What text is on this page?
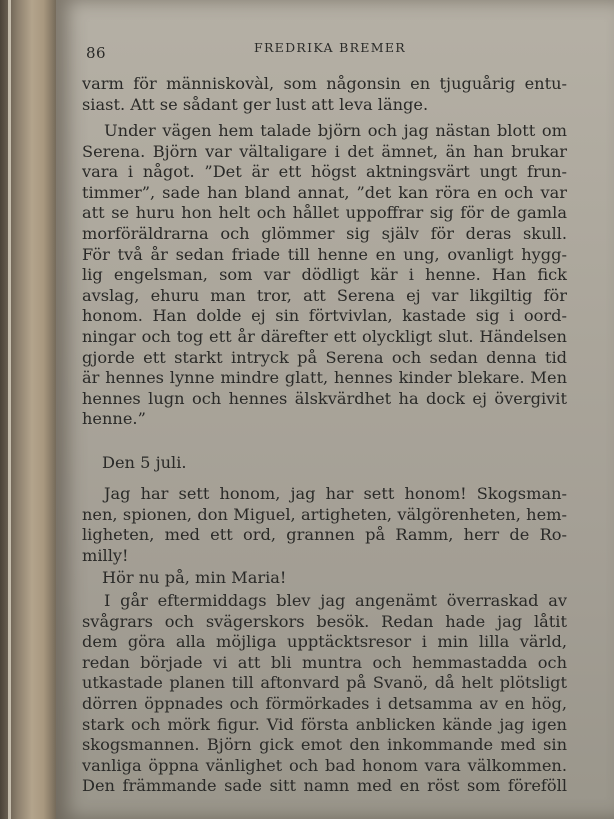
86	FREDRIKA BREMER
varm för människovàl, som någonsin en tjuguårig entu-
siast. Att se sådant ger lust att leva länge.
Under vägen hem talade björn och jag nästan blott om
Serena. Björn var vältaligare i det ämnet, än han brukar
vara i något. ”Det är ett högst aktningsvärt ungt frun-
timmer”, sade han bland annat, ”det kan röra en och var
att se huru hon helt och hållet uppoffrar sig för de gamla
morföräldrarna och glömmer sig själv för deras skull.
För två år sedan friade till henne en ung, ovanligt hygg-
lig engelsman, som var dödligt kär i henne. Han fick
avslag, ehuru man tror, att Serena ej var likgiltig för
honom. Han dolde ej sin förtvivlan, kastade sig i oord-
ningar och tog ett år därefter ett olyckligt slut. Händelsen
gjorde ett starkt intryck på Serena och sedan denna tid
är hennes lynne mindre glatt, hennes kinder blekare. Men
hennes lugn och hennes älskvärdhet ha dock ej övergivit
henne.”
Den 5 juli.
Jag har sett honom, jag har sett honom! Skogsman-
nen, spionen, don Miguel, artigheten, välgörenheten, hem-
ligheten, med ett ord, grannen på Ramm, herr de Ro-
milly!
Hör nu på, min Maria!
I går eftermiddags blev jag angenämt överraskad av
svågrars och svägerskors besök. Redan hade jag låtit
dem göra alla möjliga upptäcktsresor i min lilla värld,
redan började vi att bli muntra och hemmastadda och
utkastade planen till aftonvard på Svanö, då helt plötsligt
dörren öppnades och förmörkades i detsamma av en hög,
stark och mörk figur. Vid första anblicken kände jag igen
skogsmannen. Björn gick emot den inkommande med sin
vanliga öppna vänlighet och bad honom vara välkommen.
Den främmande sade sitt namn med en röst som föreföll
